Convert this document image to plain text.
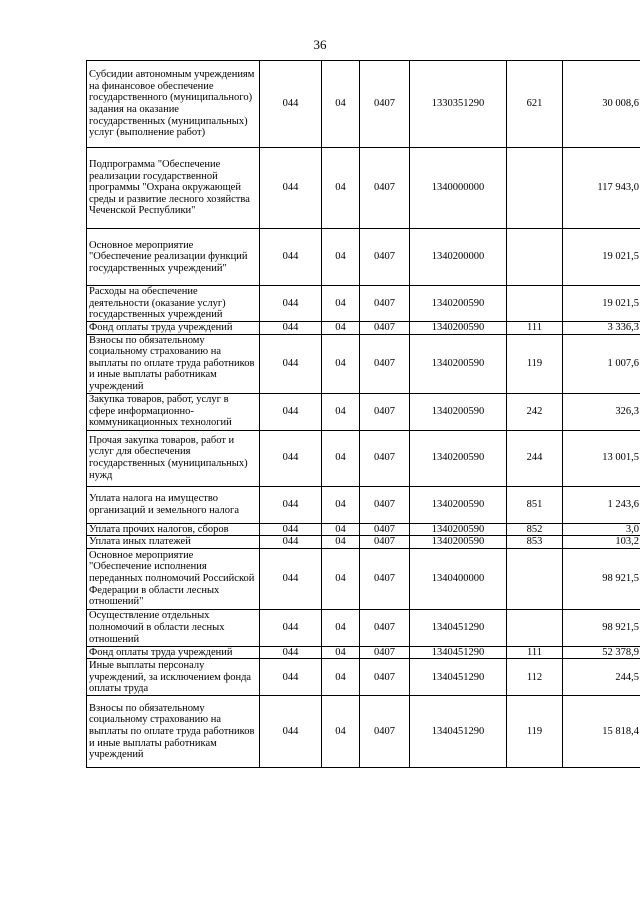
36
Субсидии автономным учреждениям на финансовое обеспечение государственного (муниципального) задания на оказание государственных (муниципальных) услуг (выполнение работ)	044	04	0407	1330351290	621	30 008,6
Подпрограмма "Обеспечение реализации государственной программы "Охрана окружающей среды и развитие лесного хозяйства Чеченской Республики"	044	04	0407	1340000000		117 943,0
Основное мероприятие "Обеспечение реализации функций государственных учреждений"	044	04	0407	1340200000		19 021,5
Расходы на обеспечение деятельности (оказание услуг) государственных учреждений	044	04	0407	1340200590		19 021,5
Фонд оплаты труда учреждений	044	04	0407	1340200590	111	3 336,3
Взносы по обязательному социальному страхованию на выплаты по оплате труда работников и иные выплаты работникам учреждений	044	04	0407	1340200590	119	1 007,6
Закупка товаров, работ, услуг в сфере информационно-коммуникационных технологий	044	04	0407	1340200590	242	326,3
Прочая закупка товаров, работ и услуг для обеспечения государственных (муниципальных) нужд	044	04	0407	1340200590	244	13 001,5
Уплата налога на имущество организаций и земельного налога	044	04	0407	1340200590	851	1 243,6
Уплата прочих налогов, сборов	044	04	0407	1340200590	852	3,0
Уплата иных платежей	044	04	0407	1340200590	853	103,2
Основное мероприятие "Обеспечение исполнения переданных полномочий Российской Федерации в области лесных отношений"	044	04	0407	1340400000		98 921,5
Осуществление отдельных полномочий в области лесных отношений	044	04	0407	1340451290		98 921,5
Фонд оплаты труда учреждений	044	04	0407	1340451290	111	52 378,9
Иные выплаты персоналу учреждений, за исключением фонда оплаты труда	044	04	0407	1340451290	112	244,5
Взносы по обязательному социальному страхованию на выплаты по оплате труда работников и иные выплаты работникам учреждений	044	04	0407	1340451290	119	15 818,4
